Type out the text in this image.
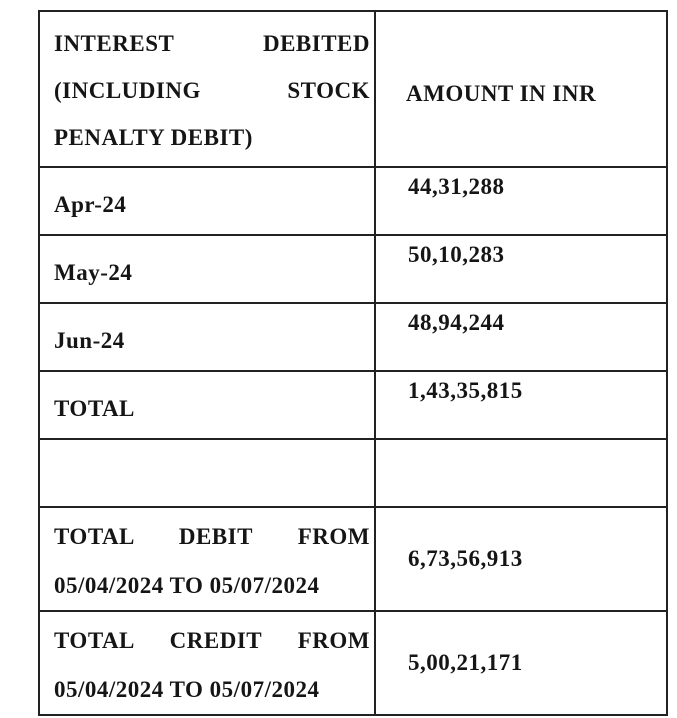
INTEREST DEBITED
(INCLUDING STOCK
PENALTY DEBIT)	AMOUNT IN INR
Apr-24	44,31,288
May-24	50,10,283
Jun-24	48,94,244
TOTAL	1,43,35,815

TOTAL DEBIT FROM
05/04/2024 TO 05/07/2024	6,73,56,913

TOTAL CREDIT FROM
05/04/2024 TO 05/07/2024	5,00,21,171
